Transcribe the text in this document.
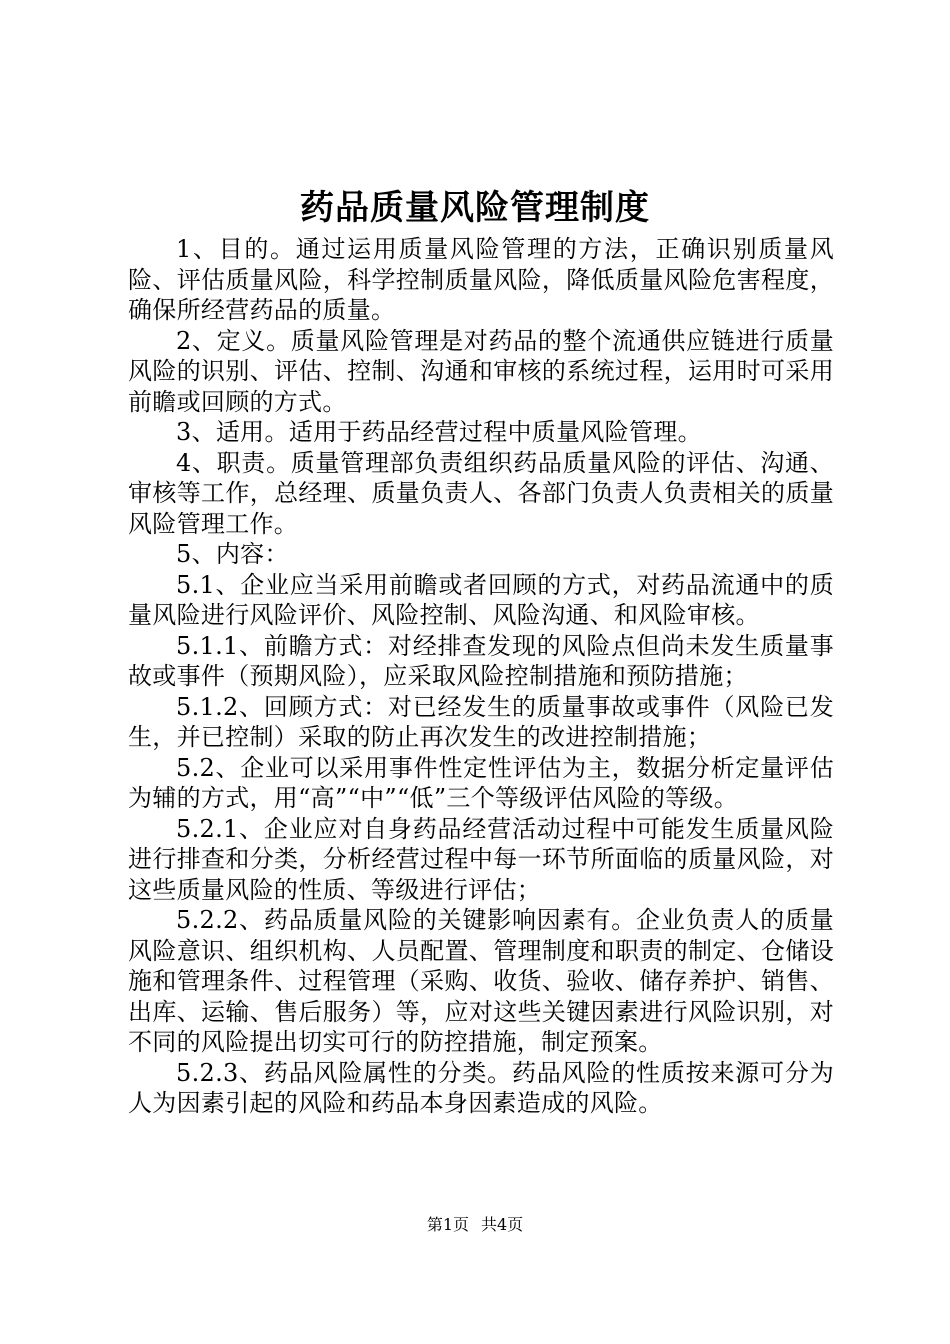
药品质量风险管理制度

1、目的。通过运用质量风险管理的方法，正确识别质量风险、评估质量风险，科学控制质量风险，降低质量风险危害程度，确保所经营药品的质量。

2、定义。质量风险管理是对药品的整个流通供应链进行质量风险的识别、评估、控制、沟通和审核的系统过程，运用时可采用前瞻或回顾的方式。

3、适用。适用于药品经营过程中质量风险管理。

4、职责。质量管理部负责组织药品质量风险的评估、沟通、审核等工作，总经理、质量负责人、各部门负责人负责相关的质量风险管理工作。

5、内容：

5.1、企业应当采用前瞻或者回顾的方式，对药品流通中的质量风险进行风险评价、风险控制、风险沟通、和风险审核。

5.1.1、前瞻方式：对经排查发现的风险点但尚未发生质量事故或事件（预期风险），应采取风险控制措施和预防措施；

5.1.2、回顾方式：对已经发生的质量事故或事件（风险已发生，并已控制）采取的防止再次发生的改进控制措施；

5.2、企业可以采用事件性定性评估为主，数据分析定量评估为辅的方式，用“高”“中”“低”三个等级评估风险的等级。

5.2.1、企业应对自身药品经营活动过程中可能发生质量风险进行排查和分类，分析经营过程中每一环节所面临的质量风险，对这些质量风险的性质、等级进行评估；

5.2.2、药品质量风险的关键影响因素有。企业负责人的质量风险意识、组织机构、人员配置、管理制度和职责的制定、仓储设施和管理条件、过程管理（采购、收货、验收、储存养护、销售、出库、运输、售后服务）等，应对这些关键因素进行风险识别，对不同的风险提出切实可行的防控措施，制定预案。

5.2.3、药品风险属性的分类。药品风险的性质按来源可分为人为因素引起的风险和药品本身因素造成的风险。

第1页 共4页
